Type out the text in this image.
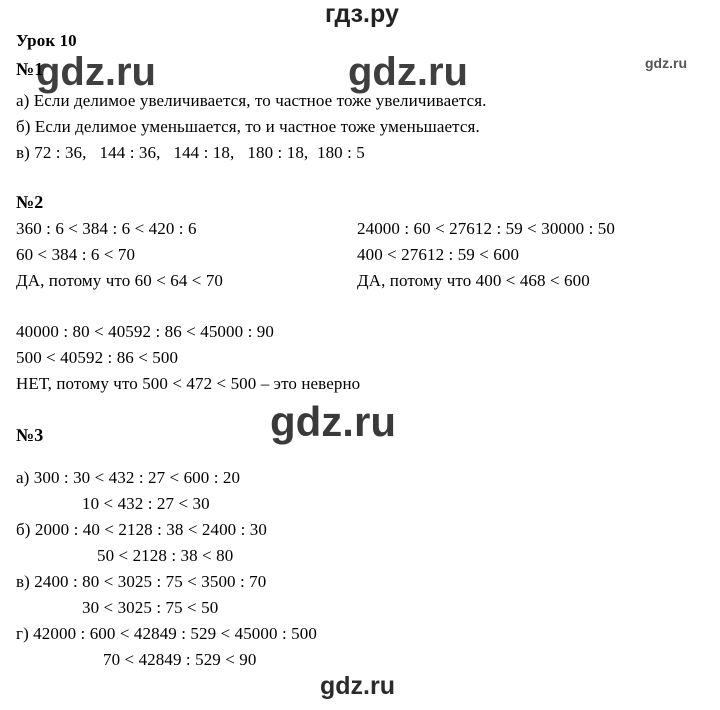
гдз.ру
gdz.ru	gdz.ru	gdz.ru
gdz.ru
gdz.ru
Урок 10
№1
а) Если делимое увеличивается, то частное тоже увеличивается.
б) Если делимое уменьшается, то и частное тоже уменьшается.
в) 72 : 36,   144 : 36,   144 : 18,   180 : 18,  180 : 5
№2
360 : 6 < 384 : 6 < 420 : 6
60 < 384 : 6 < 70
ДА, потому что 60 < 64 < 70
24000 : 60 < 27612 : 59 < 30000 : 50
400 < 27612 : 59 < 600
ДА, потому что 400 < 468 < 600
40000 : 80 < 40592 : 86 < 45000 : 90
500 < 40592 : 86 < 500
НЕТ, потому что 500 < 472 < 500 – это неверно
№3
а) 300 : 30 < 432 : 27 < 600 : 20
10 < 432 : 27 < 30
б) 2000 : 40 < 2128 : 38 < 2400 : 30
50 < 2128 : 38 < 80
в) 2400 : 80 < 3025 : 75 < 3500 : 70
30 < 3025 : 75 < 50
г) 42000 : 600 < 42849 : 529 < 45000 : 500
70 < 42849 : 529 < 90
